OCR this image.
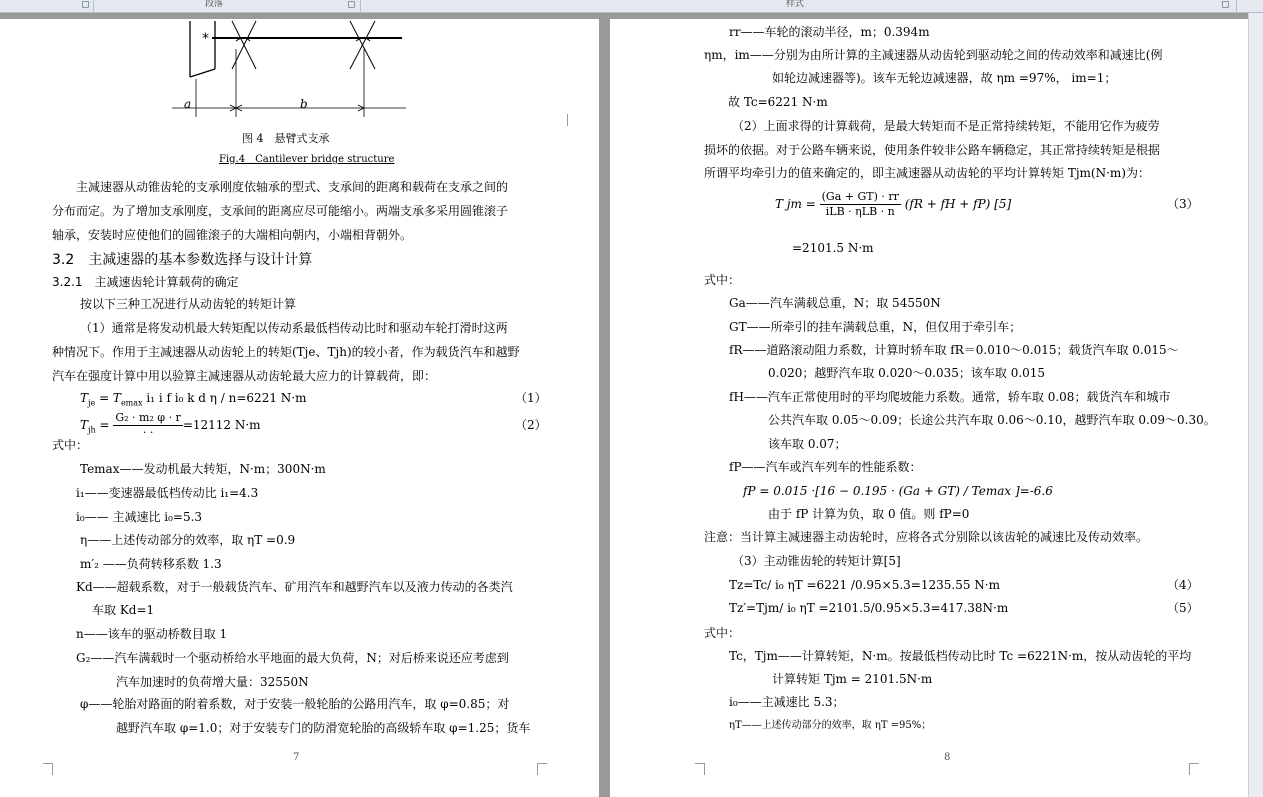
段落	样式
*
a	b
图 4　悬臂式支承
Fig.4　Cantilever bridge structure
主减速器从动锥齿轮的支承刚度依轴承的型式、支承间的距离和载荷在支承之间的
分布而定。为了增加支承刚度，支承间的距离应尽可能缩小。两端支承多采用圆锥滚子
轴承，安装时应使他们的圆锥滚子的大端相向朝内，小端相背朝外。
3.2　主减速器的基本参数选择与设计计算
3.2.1　主减速齿轮计算载荷的确定
按以下三种工况进行从动齿轮的转矩计算
（1）通常是将发动机最大转矩配以传动系最低档传动比时和驱动车轮打滑时这两
种情况下。作用于主减速器从动齿轮上的转矩(Tje、Tjh)的较小者，作为载货汽车和越野
汽车在强度计算中用以验算主减速器从动齿轮最大应力的计算载荷，即：
$T_{je} = T_{emax}$ i₁ i f i₀ k d η / n=6221 N·m	（1）
$T_{jh} = \frac{\text{G₂ · m₂ φ · r}}{\cdot \cdot} =12112$ N·m	（2）
式中：
Temax——发动机最大转矩，N·m；300N·m
i₁——变速器最低档传动比 i₁=4.3
i₀—— 主减速比 i₀=5.3
η——上述传动部分的效率，取 ηT =0.9
m′₂ ——负荷转移系数 1.3
Kd——超载系数，对于一般载货汽车、矿用汽车和越野汽车以及液力传动的各类汽
车取 Kd=1
n——该车的驱动桥数目取 1
G₂——汽车满载时一个驱动桥给水平地面的最大负荷，N；对后桥来说还应考虑到
汽车加速时的负荷增大量：32550N
φ——轮胎对路面的附着系数，对于安装一般轮胎的公路用汽车，取 φ=0.85；对
越野汽车取 φ=1.0；对于安装专门的防滑宽轮胎的高级轿车取 φ=1.25；货车
7
rr——车轮的滚动半径，m；0.394m
ηm，im——分别为由所计算的主减速器从动齿轮到驱动轮之间的传动效率和减速比(例
如轮边减速器等)。该车无轮边减速器，故 ηm =97%， im=1；
故 Tc=6221 N·m
（2）上面求得的计算载荷，是最大转矩而不是正常持续转矩，不能用它作为疲劳
损坏的依据。对于公路车辆来说，使用条件较非公路车辆稳定，其正常持续转矩是根据
所谓平均牵引力的值来确定的，即主减速器从动齿轮的平均计算转矩 Tjm(N·m)为：
T jm = $\frac{(Ga + GT) \cdot rr}{\text{iLB · ηLB · n}} (fR$ + fH + fP) [5]	（3）
=2101.5 N·m
式中：
Ga——汽车满载总重，N；取 54550N
GT——所牵引的挂车满载总重，N，但仅用于牵引车；
fR——道路滚动阻力系数，计算时轿车取 fR＝0.010～0.015；载货汽车取 0.015～
0.020；越野汽车取 0.020～0.035；该车取 0.015
fH——汽车正常使用时的平均爬坡能力系数。通常，轿车取 0.08；载货汽车和城市
公共汽车取 0.05～0.09；长途公共汽车取 0.06～0.10，越野汽车取 0.09～0.30。
该车取 0.07；
fP——汽车或汽车列车的性能系数：
fP = 0.015 ·[16 − 0.195 · (Ga + GT) / Temax ]=-6.6
由于 fP 计算为负，取 0 值。则 fP=0
注意：当计算主减速器主动齿轮时，应将各式分别除以该齿轮的减速比及传动效率。
（3）主动锥齿轮的转矩计算[5]
Tz=Tc/ i₀ ηT =6221 /0.95×5.3=1235.55 N·m	（4）
Tz′=Tjm/ i₀ ηT =2101.5/0.95×5.3=417.38N·m	（5）
式中：
Tc，Tjm——计算转矩，N·m。按最低档传动比时 Tc =6221N·m，按从动齿轮的平均
计算转矩 Tjm = 2101.5N·m
i₀——主减速比 5.3；
ηT——上述传动部分的效率，取 ηT =95%；
8
